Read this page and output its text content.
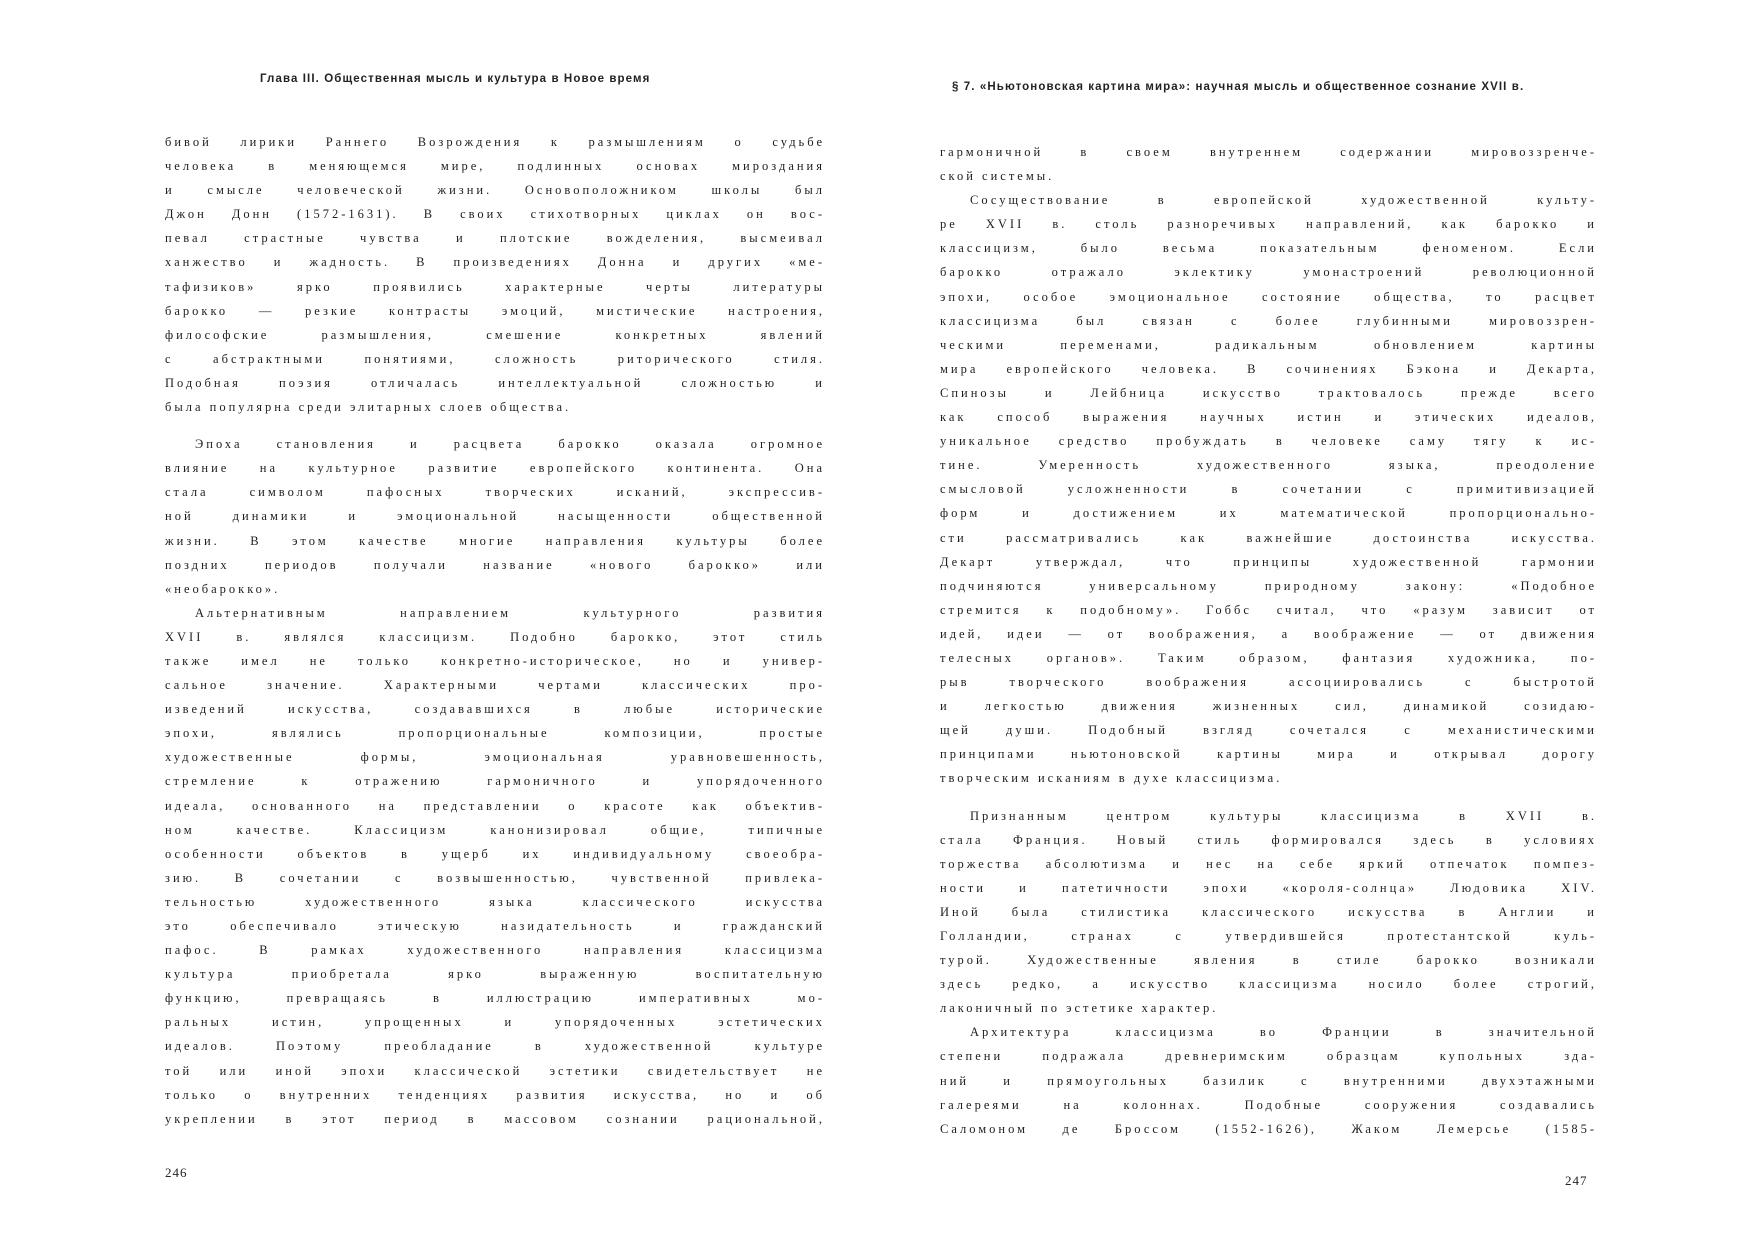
Глава III. Общественная мысль и культура в Новое время
бивой лирики Раннего Возрождения к размышлениям о судьбе
человека в меняющемся мире, подлинных основах мироздания
и смысле человеческой жизни. Основоположником школы был
Джон Донн (1572-1631). В своих стихотворных циклах он вос-
певал страстные чувства и плотские вожделения, высмеивал
ханжество и жадность. В произведениях Донна и других «ме-
тафизиков» ярко проявились характерные черты литературы
барокко — резкие контрасты эмоций, мистические настроения,
философские размышления, смешение конкретных явлений
с абстрактными понятиями, сложность риторического стиля.
Подобная поэзия отличалась интеллектуальной сложностью и
была популярна среди элитарных слоев общества.
Эпоха становления и расцвета барокко оказала огромное
влияние на культурное развитие европейского континента. Она
стала символом пафосных творческих исканий, экспрессив-
ной динамики и эмоциональной насыщенности общественной
жизни. В этом качестве многие направления культуры более
поздних периодов получали название «нового барокко» или
«необарокко».
Альтернативным направлением культурного развития
XVII в. являлся классицизм. Подобно барокко, этот стиль
также имел не только конкретно-историческое, но и универ-
сальное значение. Характерными чертами классических про-
изведений искусства, создававшихся в любые исторические
эпохи, являлись пропорциональные композиции, простые
художественные формы, эмоциональная уравновешенность,
стремление к отражению гармоничного и упорядоченного
идеала, основанного на представлении о красоте как объектив-
ном качестве. Классицизм канонизировал общие, типичные
особенности объектов в ущерб их индивидуальному своеобра-
зию. В сочетании с возвышенностью, чувственной привлека-
тельностью художественного языка классического искусства
это обеспечивало этическую назидательность и гражданский
пафос. В рамках художественного направления классицизма
культура приобретала ярко выраженную воспитательную
функцию, превращаясь в иллюстрацию императивных мо-
ральных истин, упрощенных и упорядоченных эстетических
идеалов. Поэтому преобладание в художественной культуре
той или иной эпохи классической эстетики свидетельствует не
только о внутренних тенденциях развития искусства, но и об
укреплении в этот период в массовом сознании рациональной,
246
§ 7. «Ньютоновская картина мира»: научная мысль и общественное сознание XVII в.
гармоничной в своем внутреннем содержании мировоззренче-
ской системы.
Сосуществование в европейской художественной культу-
ре XVII в. столь разноречивых направлений, как барокко и
классицизм, было весьма показательным феноменом. Если
барокко отражало эклектику умонастроений революционной
эпохи, особое эмоциональное состояние общества, то расцвет
классицизма был связан с более глубинными мировоззрен-
ческими переменами, радикальным обновлением картины
мира европейского человека. В сочинениях Бэкона и Декарта,
Спинозы и Лейбница искусство трактовалось прежде всего
как способ выражения научных истин и этических идеалов,
уникальное средство пробуждать в человеке саму тягу к ис-
тине. Умеренность художественного языка, преодоление
смысловой усложненности в сочетании с примитивизацией
форм и достижением их математической пропорционально-
сти рассматривались как важнейшие достоинства искусства.
Декарт утверждал, что принципы художественной гармонии
подчиняются универсальному природному закону: «Подобное
стремится к подобному». Гоббс считал, что «разум зависит от
идей, идеи — от воображения, а воображение — от движения
телесных органов». Таким образом, фантазия художника, по-
рыв творческого воображения ассоциировались с быстротой
и легкостью движения жизненных сил, динамикой созидаю-
щей души. Подобный взгляд сочетался с механистическими
принципами ньютоновской картины мира и открывал дорогу
творческим исканиям в духе классицизма.
Признанным центром культуры классицизма в XVII в.
стала Франция. Новый стиль формировался здесь в условиях
торжества абсолютизма и нес на себе яркий отпечаток помпез-
ности и патетичности эпохи «короля-солнца» Людовика XIV.
Иной была стилистика классического искусства в Англии и
Голландии, странах с утвердившейся протестантской куль-
турой. Художественные явления в стиле барокко возникали
здесь редко, а искусство классицизма носило более строгий,
лаконичный по эстетике характер.
Архитектура классицизма во Франции в значительной
степени подражала древнеримским образцам купольных зда-
ний и прямоугольных базилик с внутренними двухэтажными
галереями на колоннах. Подобные сооружения создавались
Саломоном де Броссом (1552-1626), Жаком Лемерсье (1585-
247
